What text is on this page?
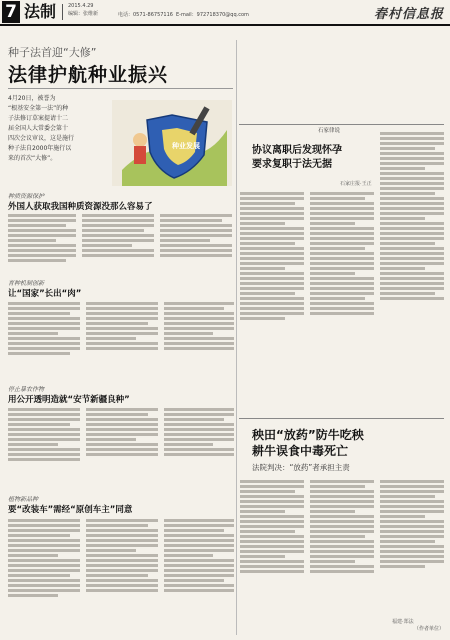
7 法制 2015.4.29
编辑：张维新	电话：0571-86757116 E-mail：972718370@qq.com	春村信息报
种子法首迎“大修”
法律护航种业振兴
4月20日，被誉为
“根基安全第一法”的种
子法修订草案提请十二
届全国人大常委会第十
四次会议审议，这是施行
种子法自2000年施行以
来的首次“大修”。
种业发展
种质资源保护
外国人获取我国种质资源没那么容易了
育种机制创新
让“国家”长出“肉”
停止暴农作物
用公开透明造就“安节新疆良种”
植物新品种
要“改装车”需经“原创车主”同意
石家律说
协议离职后发现怀孕
要求复职于法无据
石家庄报·王正
秧田“放药”防牛吃秧
耕牛误食中毒死亡
法院判决：“放药”者承担主责
福建·郑法
（作者单位）
